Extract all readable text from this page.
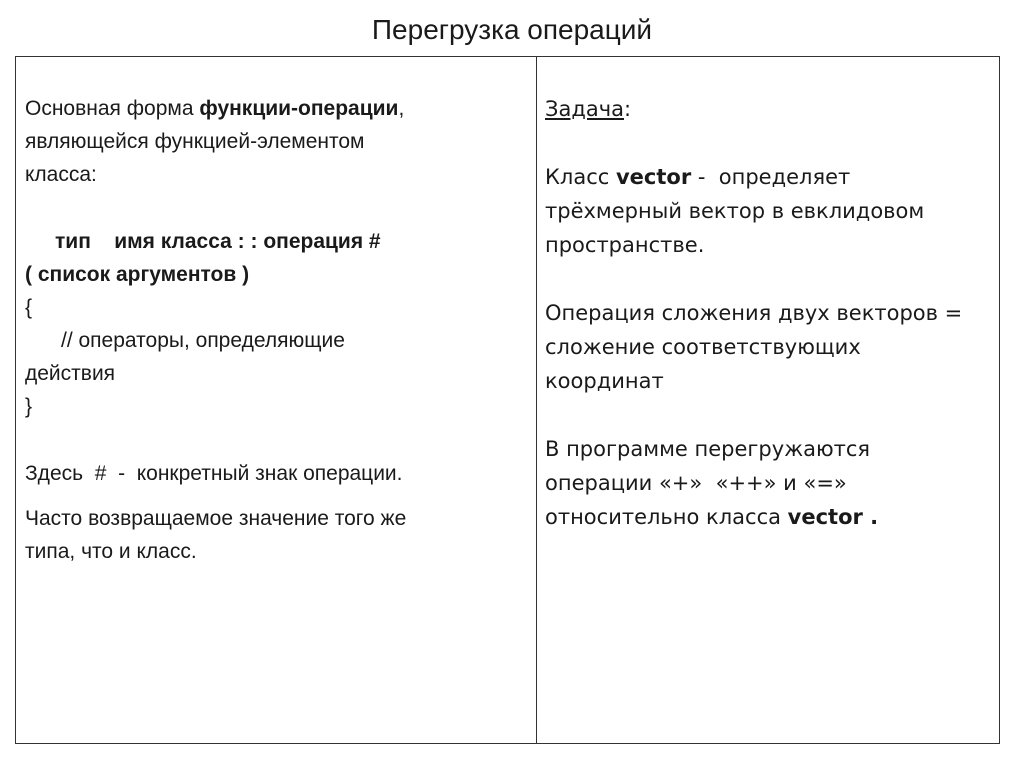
Перегрузка операций

Основная форма функции-операции,

являющейся функцией-элементом

класса:

тип    имя класса : : операция #

( список аргументов )

{

// операторы, определяющие

действия

}

Здесь  #  -  конкретный знак операции.

Часто возвращаемое значение того же

типа, что и класс.

Задача:

Класс vector -  определяет

трёхмерный вектор в евклидовом

пространстве.

Операция сложения двух векторов =

сложение соответствующих

координат

В программе перегружаются

операции «+»  «++» и «=»

относительно класса vector .
